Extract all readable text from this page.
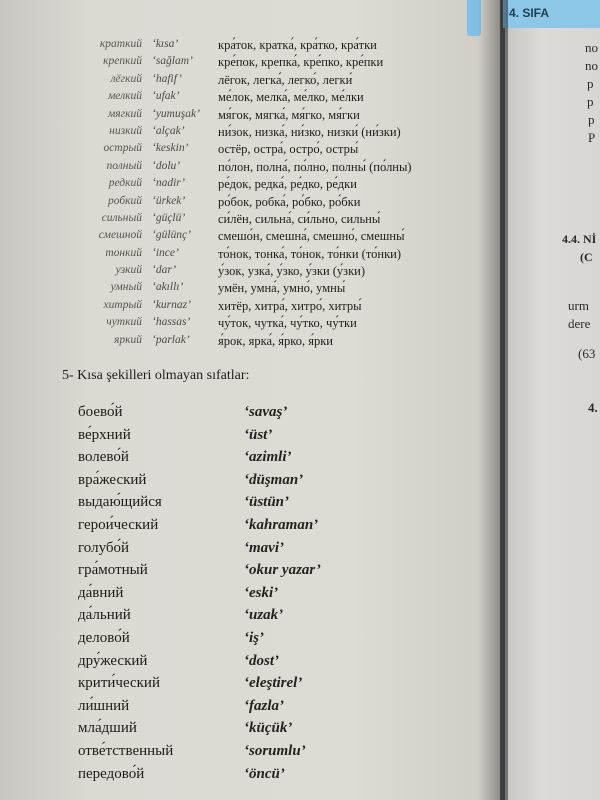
4. SIFA
no
no
p
p
p
P
4.4. Nİ
(C
urm
dere
(63
4.
краткий ‘kısa’	кра́ток, кратка́, кра́тко, кра́тки
крепкий ‘sağlam’	кре́пок, крепка́, кре́пко, кре́пки
лёгкий ‘hafif’	лёгок, легка́, легко́, легки́
мелкий ‘ufak’	ме́лок, мелка́, ме́лко, ме́лки
мягкий ‘yumuşak’	мя́гок, мягка́, мя́гко, мя́гки
низкий ‘alçak’	ни́зок, низка́, ни́зко, низки́ (ни́зки)
острый ‘keskin’	остёр, остра́, остро́, остры́
полный ‘dolu’	по́лон, полна́, по́лно, полны́ (по́лны)
редкий ‘nadir’	ре́док, редка́, ре́дко, ре́дки
робкий ‘ürkek’	ро́бок, робка́, ро́бко, ро́бки
сильный ‘güçlü’	си́лён, сильна́, си́льно, сильны́
смешной ‘gülünç’	смешо́н, смешна́, смешно́, смешны́
тонкий ‘ince’	то́нок, тонка́, то́нок, то́нки (то́нки)
узкий ‘dar’	у́зок, узка́, у́зко, у́зки (у́зки)
умный ‘akıllı’	умён, умна́, умно́, умны́
хитрый ‘kurnaz’	хитёр, хитра́, хитро́, хитры́
чуткий ‘hassas’	чу́ток, чутка́, чу́тко, чу́тки
яркий ‘parlak’	я́рок, ярка́, я́рко, я́рки
5- Kısa şekilleri olmayan sıfatlar:
боево́й	‘savaş’
ве́рхний	‘üst’
волево́й	‘azimli’
вра́жеский	‘düşman’
выдаю́щийся	‘üstün’
герои́ческий	‘kahraman’
голубо́й	‘mavi’
гра́мотный	‘okur yazar’
да́вний	‘eski’
да́льний	‘uzak’
делово́й	‘iş’
дру́жеский	‘dost’
крити́ческий	‘eleştirel’
ли́шний	‘fazla’
мла́дший	‘küçük’
отве́тственный	‘sorumlu’
передово́й	‘öncü’
